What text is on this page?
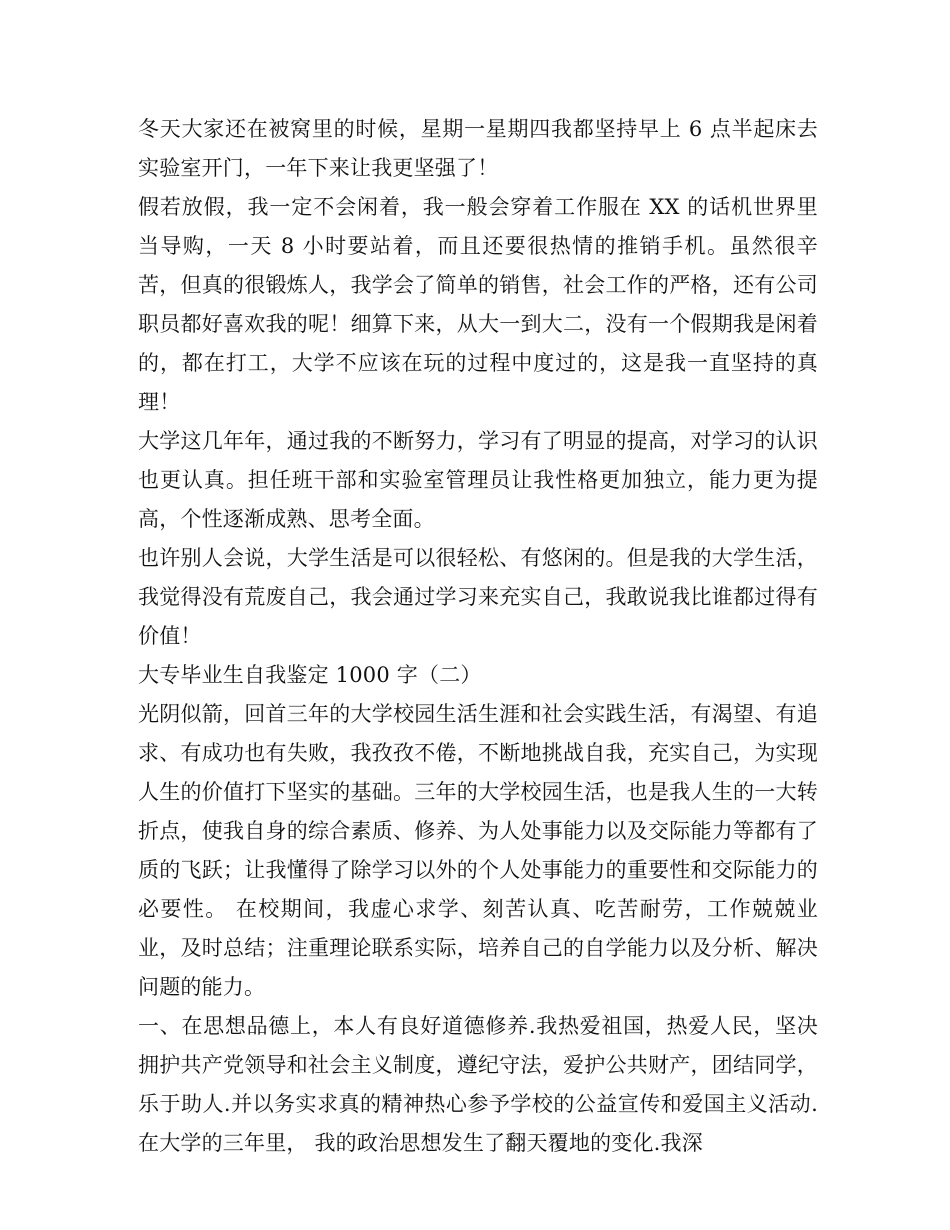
冬天大家还在被窝里的时候，星期一星期四我都坚持早上 6 点半起床去实验室开门，一年下来让我更坚强了！

假若放假，我一定不会闲着，我一般会穿着工作服在 XX 的话机世界里当导购，一天 8 小时要站着，而且还要很热情的推销手机。虽然很辛苦，但真的很锻炼人，我学会了简单的销售，社会工作的严格，还有公司职员都好喜欢我的呢！细算下来，从大一到大二，没有一个假期我是闲着的，都在打工，大学不应该在玩的过程中度过的，这是我一直坚持的真理！

大学这几年年，通过我的不断努力，学习有了明显的提高，对学习的认识也更认真。担任班干部和实验室管理员让我性格更加独立，能力更为提高，个性逐渐成熟、思考全面。

也许别人会说，大学生活是可以很轻松、有悠闲的。但是我的大学生活，我觉得没有荒废自己，我会通过学习来充实自己，我敢说我比谁都过得有价值！

大专毕业生自我鉴定 1000 字（二）

光阴似箭，回首三年的大学校园生活生涯和社会实践生活，有渴望、有追求、有成功也有失败，我孜孜不倦，不断地挑战自我，充实自己，为实现人生的价值打下坚实的基础。三年的大学校园生活，也是我人生的一大转折点，使我自身的综合素质、修养、为人处事能力以及交际能力等都有了质的飞跃；让我懂得了除学习以外的个人处事能力的重要性和交际能力的必要性。 在校期间，我虚心求学、刻苦认真、吃苦耐劳，工作兢兢业业，及时总结；注重理论联系实际，培养自己的自学能力以及分析、解决问题的能力。

一、在思想品德上，本人有良好道德修养.我热爱祖国，热爱人民，坚决拥护共产党领导和社会主义制度，遵纪守法，爱护公共财产，团结同学，乐于助人.并以务实求真的精神热心参予学校的公益宣传和爱国主义活动. 在大学的三年里， 我的政治思想发生了翻天覆地的变化.我深
